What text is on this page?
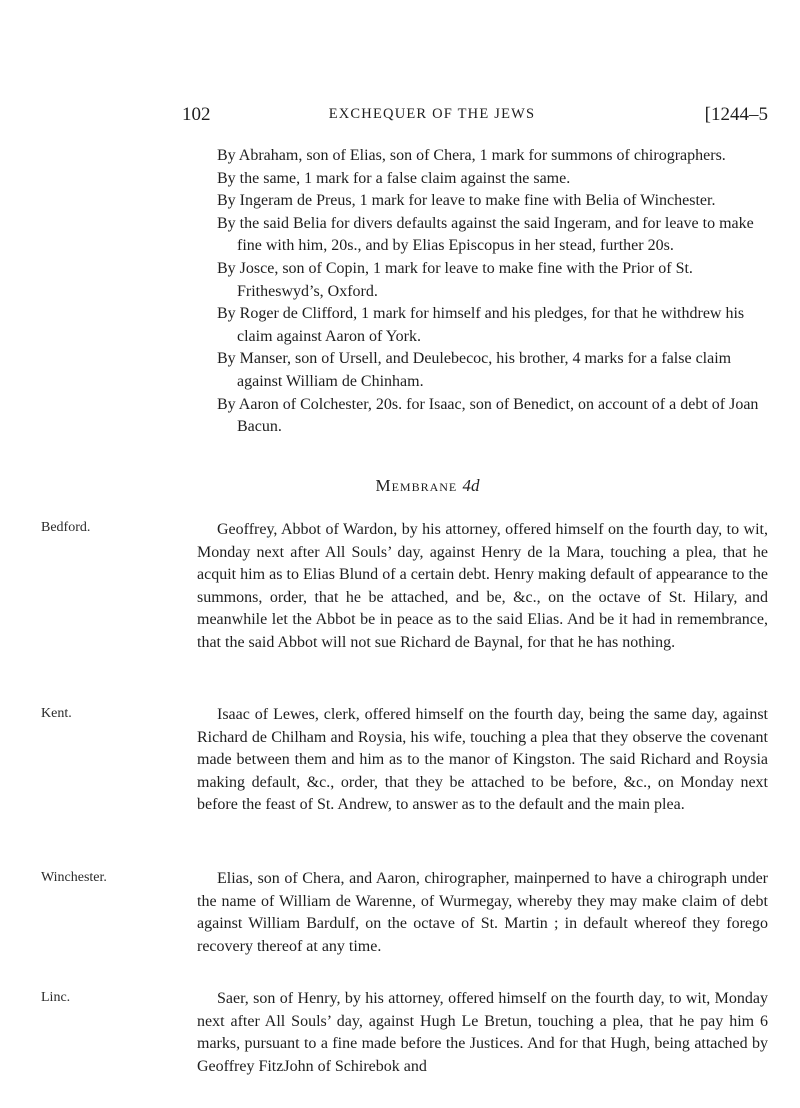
102	EXCHEQUER OF THE JEWS	[1244–5
By Abraham, son of Elias, son of Chera, 1 mark for summons of chirographers.
By the same, 1 mark for a false claim against the same.
By Ingeram de Preus, 1 mark for leave to make fine with Belia of Winchester.
By the said Belia for divers defaults against the said Ingeram, and for leave to make fine with him, 20s., and by Elias Episcopus in her stead, further 20s.
By Josce, son of Copin, 1 mark for leave to make fine with the Prior of St. Fritheswyd’s, Oxford.
By Roger de Clifford, 1 mark for himself and his pledges, for that he withdrew his claim against Aaron of York.
By Manser, son of Ursell, and Deulebecoc, his brother, 4 marks for a false claim against William de Chinham.
By Aaron of Colchester, 20s. for Isaac, son of Benedict, on account of a debt of Joan Bacun.
Membrane 4d
Bedford.	Geoffrey, Abbot of Wardon, by his attorney, offered himself on the fourth day, to wit, Monday next after All Souls’ day, against Henry de la Mara, touching a plea, that he acquit him as to Elias Blund of a certain debt. Henry making default of appearance to the summons, order, that he be attached, and be, &c., on the octave of St. Hilary, and meanwhile let the Abbot be in peace as to the said Elias. And be it had in remembrance, that the said Abbot will not sue Richard de Baynal, for that he has nothing.
Kent.	Isaac of Lewes, clerk, offered himself on the fourth day, being the same day, against Richard de Chilham and Roysia, his wife, touching a plea that they observe the covenant made between them and him as to the manor of Kingston. The said Richard and Roysia making default, &c., order, that they be attached to be before, &c., on Monday next before the feast of St. Andrew, to answer as to the default and the main plea.
Winchester.	Elias, son of Chera, and Aaron, chirographer, mainperned to have a chirograph under the name of William de Warenne, of Wurmegay, whereby they may make claim of debt against William Bardulf, on the octave of St. Martin ; in default whereof they forego recovery thereof at any time.
Linc.	Saer, son of Henry, by his attorney, offered himself on the fourth day, to wit, Monday next after All Souls’ day, against Hugh Le Bretun, touching a plea, that he pay him 6 marks, pursuant to a fine made before the Justices. And for that Hugh, being attached by Geoffrey FitzJohn of Schirebok and
